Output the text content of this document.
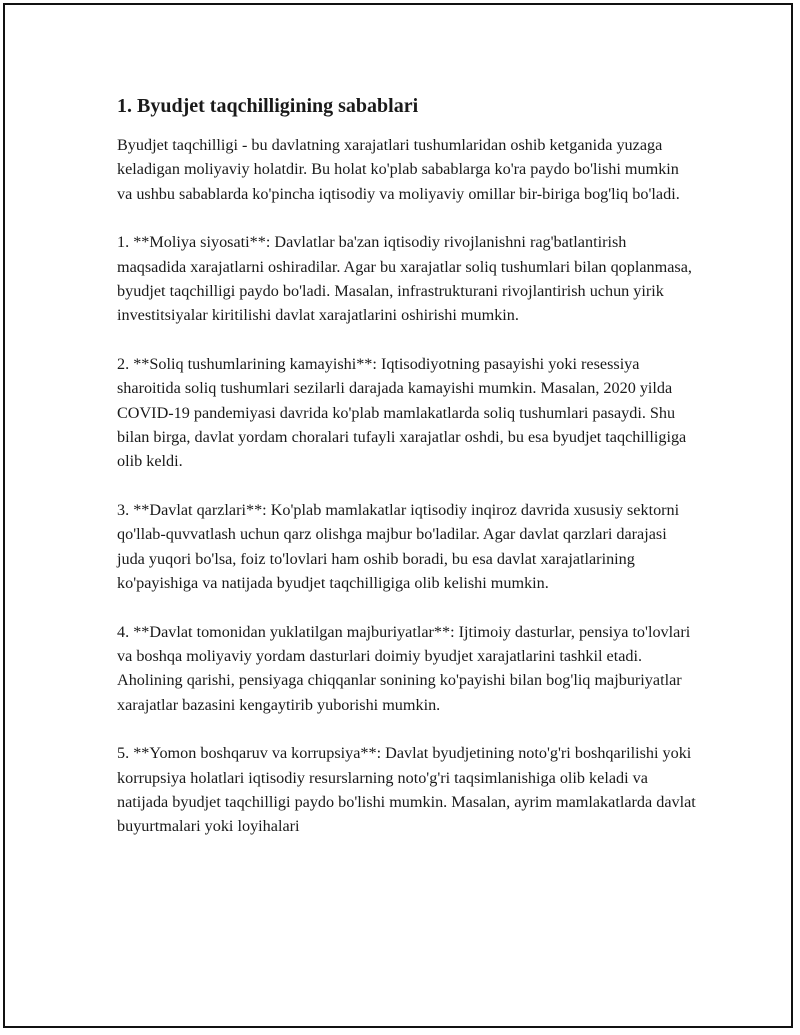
1. Byudjet taqchilligining sabablari

Byudjet taqchilligi - bu davlatning xarajatlari tushumlaridan oshib ketganida yuzaga keladigan moliyaviy holatdir. Bu holat ko'plab sabablarga ko'ra paydo bo'lishi mumkin va ushbu sabablarda ko'pincha iqtisodiy va moliyaviy omillar bir-biriga bog'liq bo'ladi.

1. **Moliya siyosati**: Davlatlar ba'zan iqtisodiy rivojlanishni rag'batlantirish maqsadida xarajatlarni oshiradilar. Agar bu xarajatlar soliq tushumlari bilan qoplanmasa, byudjet taqchilligi paydo bo'ladi. Masalan, infrastrukturani rivojlantirish uchun yirik investitsiyalar kiritilishi davlat xarajatlarini oshirishi mumkin.

2. **Soliq tushumlarining kamayishi**: Iqtisodiyotning pasayishi yoki resessiya sharoitida soliq tushumlari sezilarli darajada kamayishi mumkin. Masalan, 2020 yilda COVID-19 pandemiyasi davrida ko'plab mamlakatlarda soliq tushumlari pasaydi. Shu bilan birga, davlat yordam choralari tufayli xarajatlar oshdi, bu esa byudjet taqchilligiga olib keldi.

3. **Davlat qarzlari**: Ko'plab mamlakatlar iqtisodiy inqiroz davrida xususiy sektorni qo'llab-quvvatlash uchun qarz olishga majbur bo'ladilar. Agar davlat qarzlari darajasi juda yuqori bo'lsa, foiz to'lovlari ham oshib boradi, bu esa davlat xarajatlarining ko'payishiga va natijada byudjet taqchilligiga olib kelishi mumkin.

4. **Davlat tomonidan yuklatilgan majburiyatlar**: Ijtimoiy dasturlar, pensiya to'lovlari va boshqa moliyaviy yordam dasturlari doimiy byudjet xarajatlarini tashkil etadi. Aholining qarishi, pensiyaga chiqqanlar sonining ko'payishi bilan bog'liq majburiyatlar xarajatlar bazasini kengaytirib yuborishi mumkin.

5. **Yomon boshqaruv va korrupsiya**: Davlat byudjetining noto'g'ri boshqarilishi yoki korrupsiya holatlari iqtisodiy resurslarning noto'g'ri taqsimlanishiga olib keladi va natijada byudjet taqchilligi paydo bo'lishi mumkin. Masalan, ayrim mamlakatlarda davlat buyurtmalari yoki loyihalari
